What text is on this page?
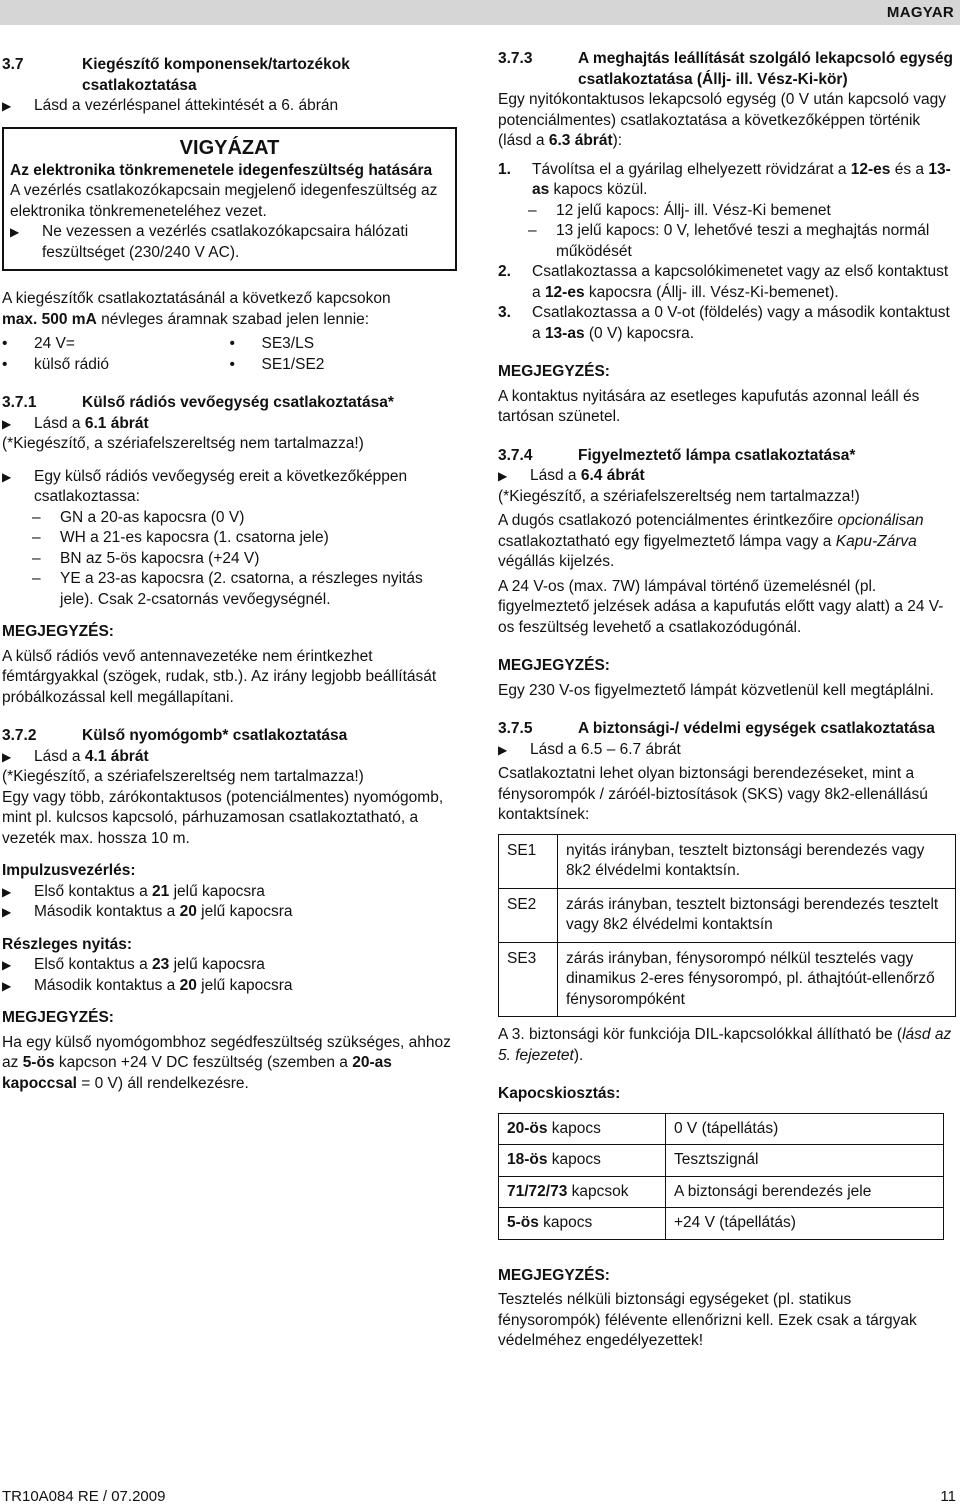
MAGYAR
3.7	Kiegészítő komponensek/tartozékok csatlakoztatása
▶	Lásd a vezérléspanel áttekintését a 6. ábrán
VIGYÁZAT
Az elektronika tönkremenetele idegenfeszültség hatására
A vezérlés csatlakozókapcsain megjelenő idegenfeszültség az elektronika tönkremeneteléhez vezet.
▶	Ne vezessen a vezérlés csatlakozókapcsaira hálózati feszültséget (230/240 V AC).

A kiegészítők csatlakoztatásánál a következő kapcsokon
max. 500 mA névleges áramnak szabad jelen lennie:

•	24 V=
•	külső rádió
•	SE3/LS
•	SE1/SE2
3.7.1	Külső rádiós vevőegység csatlakoztatása*
▶	Lásd a 6.1 ábrát

(*Kiegészítő, a szériafelszereltség nem tartalmazza!)

▶	Egy külső rádiós vevőegység ereit a következőképpen csatlakoztassa:
–	GN a 20-as kapocsra (0 V)
–	WH a 21-es kapocsra (1. csatorna jele)
–	BN az 5-ös kapocsra (+24 V)
–	YE a 23-as kapocsra (2. csatorna, a részleges nyitás jele). Csak 2-csatornás vevőegységnél.

MEGJEGYZÉS:

A külső rádiós vevő antennavezetéke nem érintkezhet fémtárgyakkal (szögek, rudak, stb.). Az irány legjobb beállítását próbálkozással kell megállapítani.

3.7.2	Külső nyomógomb* csatlakoztatása
▶	Lásd a 4.1 ábrát

(*Kiegészítő, a szériafelszereltség nem tartalmazza!)

Egy vagy több, zárókontaktusos (potenciálmentes) nyomógomb, mint pl. kulcsos kapcsoló, párhuzamosan csatlakoztatható, a vezeték max. hossza 10 m.

Impulzusvezérlés:

▶	Első kontaktus a 21 jelű kapocsra
▶	Második kontaktus a 20 jelű kapocsra

Részleges nyitás:

▶	Első kontaktus a 23 jelű kapocsra
▶	Második kontaktus a 20 jelű kapocsra

MEGJEGYZÉS:

Ha egy külső nyomógombhoz segédfeszültség szükséges, ahhoz az 5-ös kapcson +24 V DC feszültség (szemben a 20-as kapoccsal = 0 V) áll rendelkezésre.

3.7.3	A meghajtás leállítását szolgáló lekapcsoló egység csatlakoztatása (Állj- ill. Vész-Ki-kör)

Egy nyitókontaktusos lekapcsoló egység (0 V után kapcsoló vagy potenciálmentes) csatlakoztatása a következőképpen történik (lásd a 6.3 ábrát):

1.	Távolítsa el a gyárilag elhelyezett rövidzárat a 12-es és a 13-as kapocs közül.
–	12 jelű kapocs: Állj- ill. Vész-Ki bemenet
–	13 jelű kapocs: 0 V, lehetővé teszi a meghajtás normál működését
2.	Csatlakoztassa a kapcsolókimenetet vagy az első kontaktust a 12-es kapocsra (Állj- ill. Vész-Ki-bemenet).
3.	Csatlakoztassa a 0 V-ot (földelés) vagy a második kontaktust a 13-as (0 V) kapocsra.

MEGJEGYZÉS:

A kontaktus nyitására az esetleges kapufutás azonnal leáll és tartósan szünetel.

3.7.4	Figyelmeztető lámpa csatlakoztatása*
▶	Lásd a 6.4 ábrát

(*Kiegészítő, a szériafelszereltség nem tartalmazza!)

A dugós csatlakozó potenciálmentes érintkezőire opcionálisan csatlakoztatható egy figyelmeztető lámpa vagy a Kapu-Zárva végállás kijelzés.

A 24 V-os (max. 7W) lámpával történő üzemelésnél (pl. figyelmeztető jelzések adása a kapufutás előtt vagy alatt) a 24 V-os feszültség levehető a csatlakozódugónál.

MEGJEGYZÉS:

Egy 230 V-os figyelmeztető lámpát közvetlenül kell megtáplálni.

3.7.5	A biztonsági-/ védelmi egységek csatlakoztatása
▶	Lásd a 6.5 – 6.7 ábrát

Csatlakoztatni lehet olyan biztonsági berendezéseket, mint a fénysorompók / záróél-biztosítások (SKS) vagy 8k2-ellenállású kontaktsínek:

SE1	nyitás irányban, tesztelt biztonsági berendezés vagy 8k2 élvédelmi kontaktsín.
SE2	zárás irányban, tesztelt biztonsági berendezés tesztelt vagy 8k2 élvédelmi kontaktsín
SE3	zárás irányban, fénysorompó nélkül tesztelés vagy dinamikus 2-eres fénysorompó, pl. áthajtóút-ellenőrző fénysorompóként

A 3. biztonsági kör funkciója DIL-kapcsolókkal állítható be (lásd az 5. fejezetet).

Kapocskiosztás:

20-ös kapocs	0 V (tápellátás)
18-ös kapocs	Tesztszignál
71/72/73 kapcsok	A biztonsági berendezés jele
5-ös kapocs	+24 V (tápellátás)

MEGJEGYZÉS:

Tesztelés nélküli biztonsági egységeket (pl. statikus fénysorompók) félévente ellenőrizni kell. Ezek csak a tárgyak védelméhez engedélyezettek!

TR10A084 RE / 07.2009	11
